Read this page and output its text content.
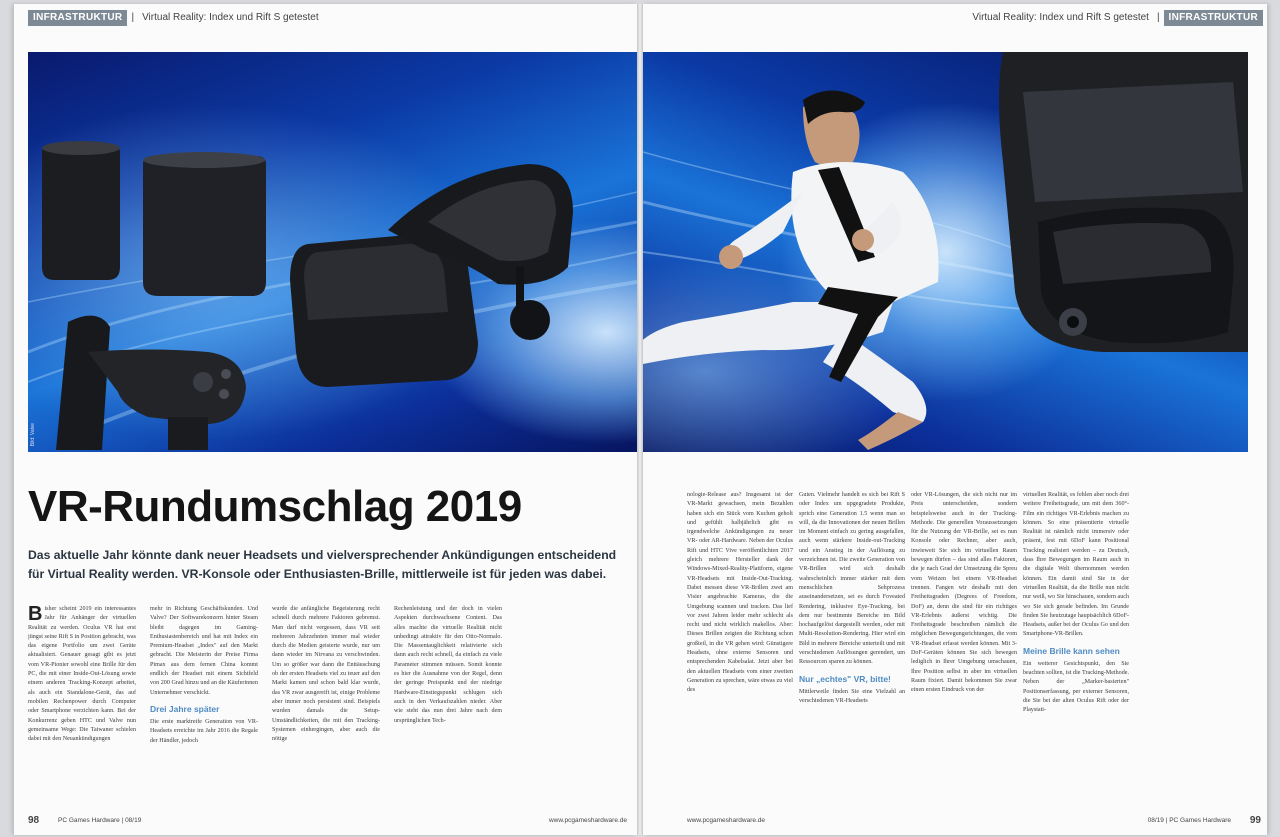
INFRASTRUKTUR | Virtual Reality: Index und Rift S getestet
Bild: Valve
VR-Rundumschlag 2019

Das aktuelle Jahr könnte dank neuer Headsets und vielversprechender Ankündigungen entscheidend für Virtual Reality werden. VR-Konsole oder Enthusiasten-Brille, mittlerweile ist für jeden was dabei.

B isher scheint 2019 ein interessantes Jahr für Anhänger der virtuellen Realität zu werden. Oculus VR hat erst jüngst seine Rift S in Position gebracht, was das eigene Portfolio um zwei Geräte aktualisiert. Genauer gesagt gibt es jetzt vom VR-Pionier sowohl eine Brille für den PC, die mit einer Inside-Out-Lösung sowie einem anderen Tracking-Konzept arbeitet, als auch ein Standalone-Gerät, das auf mobilen Rechenpower durch Computer oder Smartphone verzichten kann. Bei der Konkurrenz geben HTC und Valve nun gemeinsame Wege: Die Taiwaner schielen dabei mit den Neuankündigungen

mehr in Richtung Geschäftskunden. Und Valve? Der Softwarekonzern hinter Steam bleibt dagegen im Gaming-Enthusiastenbereich und hat mit Index ein Premium-Headset „Index" auf den Markt gebracht. Die Meisterin der Preise Firma Pimax aus dem fernen China kommt endlich der Headset mit einem Sichtfeld von 200 Grad hinzu und an die Käuferinnen Unternehmer verschickt.

Drei Jahre später

Die erste marktreife Generation von VR-Headsets erreichte im Jahr 2016 die Regale der Händler, jedoch

wurde die anfängliche Begeisterung recht schnell durch mehrere Faktoren gebremst. Man darf nicht vergessen, dass VR seit mehreren Jahrzehnten immer mal wieder durch die Medien geisterte wurde, nur um dann wieder im Nirvana zu verschwinden. Um so größer war dann die Enttäuschung ob der ersten Headsets viel zu teuer auf den Markt kamen und schon bald klar wurde, das VR zwar ausgereift ist, einige Probleme aber immer noch persistent sind. Beispiels wurden damals die Setup-Umständlichkeiten, die mit den Tracking-Systemen einhergingen, aber auch die nötige

Rechenleistung und der doch in vielen Aspekten durchwachsene Content. Das alles machte die virtuelle Realität nicht unbedingt attraktiv für den Otto-Normalo. Die Massentauglichkeit relativierte sich dann auch recht schnell, da einfach zu viele Parameter stimmen müssen. Somit konnte es hier die Ausnahme von der Regel, denn der geringe Preispunkt und der niedrige Hardware-Einstiegspunkt schlugen sich auch in den Verkaufszahlen nieder. Aber wie steht das nun drei Jahre nach dem ursprünglichen Tech-

98	PC Games Hardware | 08/19	www.pcgameshardware.de
Virtual Reality: Index und Rift S getestet | INFRASTRUKTUR

nologie-Release aus? Insgesamt ist der VR-Markt gewachsen, mein Bezahlen haben sich ein Stück vom Kuchen geholt und gefühlt halbjährlich gibt es irgendwelche Ankündigungen zu neuer VR- oder AR-Hardware. Neben der Oculus Rift und HTC Vive veröffentlichten 2017 gleich mehrere Hersteller dank der Windows-Mixed-Reality-Plattform, eigene VR-Headsets mit Inside-Out-Tracking. Dabei messen diese VR-Brillen zwei am Visier angebrachte Kameras, die die Umgebung scannen und tracken. Das lief vor zwei Jahren leider mehr schlecht als recht und nicht wirklich makellos. Aber: Dieses Brillen zeigten die Richtung schon großteil, in die VR gehen wird: Günstigere Headsets, ohne externe Sensoren und entsprechenden Kabelsalat. Jetzt aber bei den aktuellen Headsets vom einer zweiten Generation zu sprechen, wäre etwas zu viel des

Guten. Vielmehr handelt es sich bei Rift S oder Index um upgegradete Produkte, sprich eine Generation 1.5 wenn man so will, da die Innovationen der neuen Brillen im Moment einfach zu gering ausgefallen, auch wenn stärkere Inside-out-Tracking und ein Anstieg in der Auflösung zu verzeichnen ist. Die zweite Generation von VR-Brillen wird sich deshalb wahrscheinlich immer stärker mit dem menschlichen Sehprozess auseinandersetzen, sei es durch Foveated Rendering, inklusive Eye-Tracking, bei dem nur bestimmte Bereiche im Bild hochaufgelöst dargestellt werden, oder mit Multi-Resolution-Rendering. Hier wird ein Bild in mehrere Bereiche unterteilt und mit verschiedenen Auflösungen gerendert, um Ressourcen sparen zu können.

Nur „echtes" VR, bitte!

Mittlerweile finden Sie eine Vielzahl an verschiedenen VR-Headsets

oder VR-Lösungen, die sich nicht nur im Preis unterscheiden, sondern beispielsweise auch in der Tracking-Methode. Die generellen Voraussetzungen für die Nutzung der VR-Brille, sei es nun Konsole oder Rechner, aber auch, inwieweit Sie sich im virtuellen Raum bewegen dürfen – das sind alles Faktoren, die je nach Grad der Umsetzung die Spreu vom Weizen bei einem VR-Headset trennen. Fangen wir deshalb mit den Freiheitsgraden (Degrees of Freedom, DoF) an, denn die sind für ein richtiges VR-Erlebnis äußerst wichtig. Die Freiheitsgrade beschreiben nämlich die möglichen Bewegungsrichtungen, die vom VR-Headset erfasst werden können. Mit 3-DoF-Geräten können Sie sich bewegen lediglich in Ihrer Umgebung umschauen, Ihre Position selbst in aber im virtuellen Raum fixiert. Damit bekommen Sie zwar einen ersten Eindruck von der

virtuellen Realität, es fehlen aber noch drei weitere Freiheitsgrade, um mit dem 360°-Film ein richtiges VR-Erlebnis machen zu können. So eine präsentierte virtuelle Realität ist nämlich nicht immersiv oder präsent, fest mit 6DoF kann Positional Tracking realisiert werden – zu Deutsch, dass Ihre Bewegungen im Raum auch in die digitale Welt übernommen werden können. Ein damit sind Sie in der virtuellen Realität, da die Brille nun nicht nur weiß, wo Sie hinschauen, sondern auch wo Sie sich gerade befinden. Im Grunde finden Sie heutzutage hauptsächlich 6DoF-Headsets, außer bei der Oculus Go und den Smartphone-VR-Brillen.

Meine Brille kann sehen

Ein weiterer Gesichtspunkt, den Sie beachten sollten, ist die Tracking-Methode. Neben der „Marker-basierten" Positionserfassung, per externer Sensoren, die Sie bei der alten Oculus Rift oder der Playstati-

www.pcgameshardware.de	08/19 | PC Games Hardware 99
